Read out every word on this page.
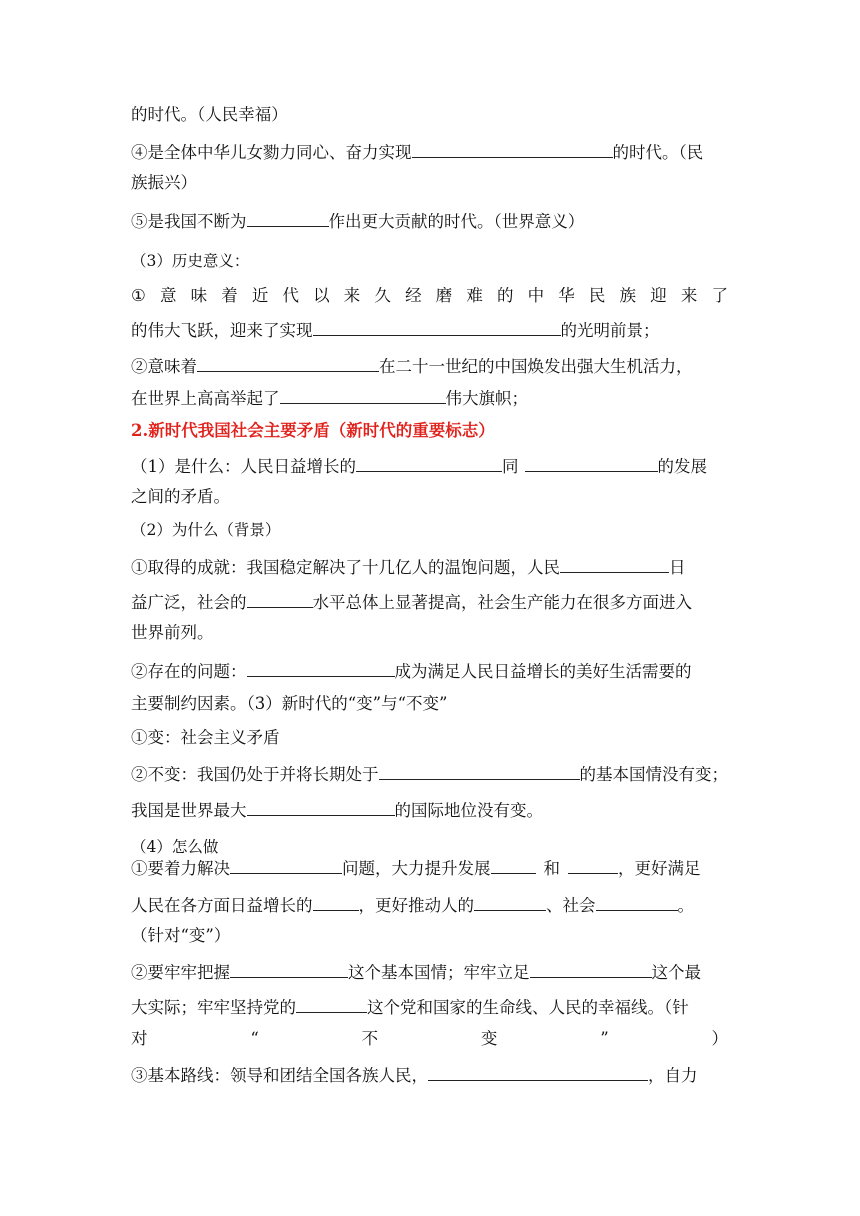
的时代。（人民幸福）
④是全体中华儿女勠力同心、奋力实现	的时代。（民
族振兴）
⑤是我国不断为	作出更大贡献的时代。（世界意义）
（3）历史意义：
① 意 味 着 近 代 以 来 久 经 磨 难 的 中 华 民 族 迎 来 了
的伟大飞跃，迎来了实现	的光明前景；
②意味着	在二十一世纪的中国焕发出强大生机活力，
在世界上高高举起了	伟大旗帜；
2.新时代我国社会主要矛盾（新时代的重要标志）
（1）是什么：人民日益增长的	同	的发展
之间的矛盾。
（2）为什么（背景）
①取得的成就：我国稳定解决了十几亿人的温饱问题，人民	日
益广泛，社会的	水平总体上显著提高，社会生产能力在很多方面进入
世界前列。
②存在的问题：	成为满足人民日益增长的美好生活需要的
主要制约因素。（3）新时代的“变”与“不变”
①变：社会主义矛盾
②不变：我国仍处于并将长期处于	的基本国情没有变；
我国是世界最大	的国际地位没有变。
（4）怎么做
①要着力解决	问题，大力提升发展	和	，更好满足
人民在各方面日益增长的	，更好推动人的	、社会	。
（针对“变”）
②要牢牢把握	这个基本国情；牢牢立足	这个最
大实际；牢牢坚持党的	这个党和国家的生命线、人民的幸福线。（针
对	“	不	变	”	）
③基本路线：领导和团结全国各族人民，	，自力
